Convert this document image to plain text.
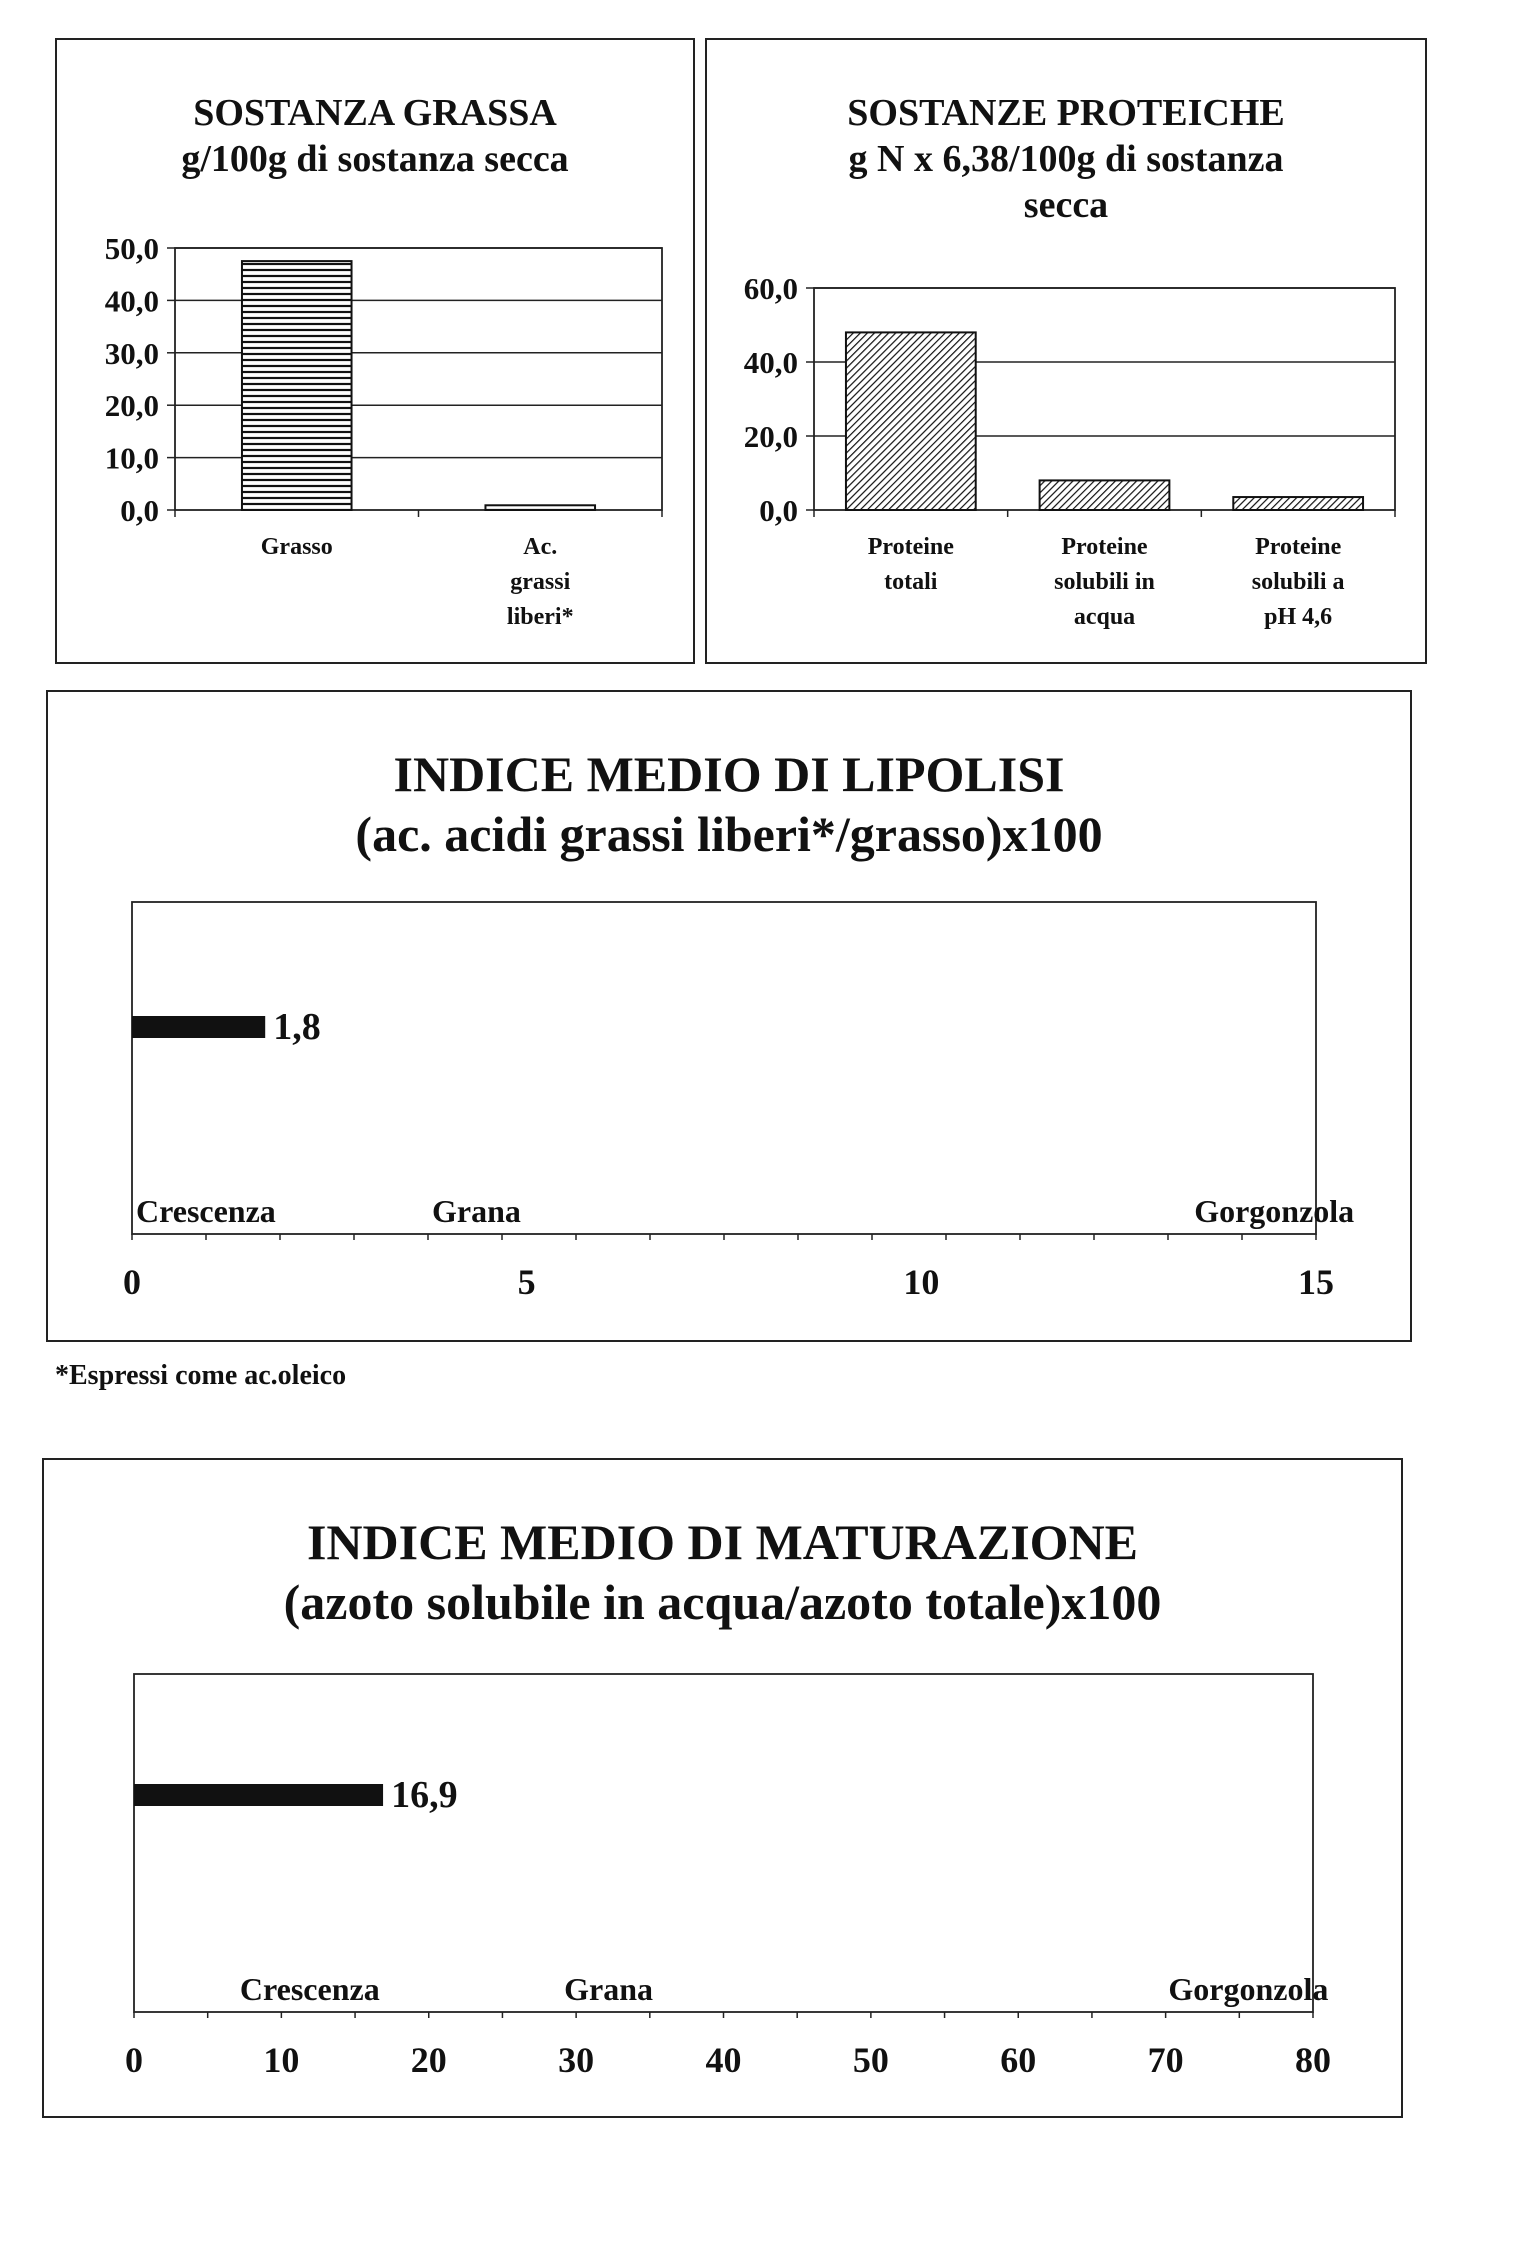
SOSTANZA GRASSA
g/100g di sostanza secca
0,0
10,0
20,0
30,0
40,0
50,0
Grasso	Ac. grassi liberi*
SOSTANZE PROTEICHE
g N x 6,38/100g di sostanza
secca
0,0
20,0
40,0
60,0
Proteine totali
Proteine solubili in acqua
Proteine solubili a pH 4,6
INDICE MEDIO DI LIPOLISI
(ac. acidi grassi liberi*/grasso)x100
0	5	10	15
1,8
Crescenza	Grana	Gorgonzola
*Espressi come ac.oleico
INDICE MEDIO DI MATURAZIONE
(azoto solubile in acqua/azoto totale)x100
0	10	20	30	40	50	60	70	80
16,9
Crescenza	Grana	Gorgonzola
